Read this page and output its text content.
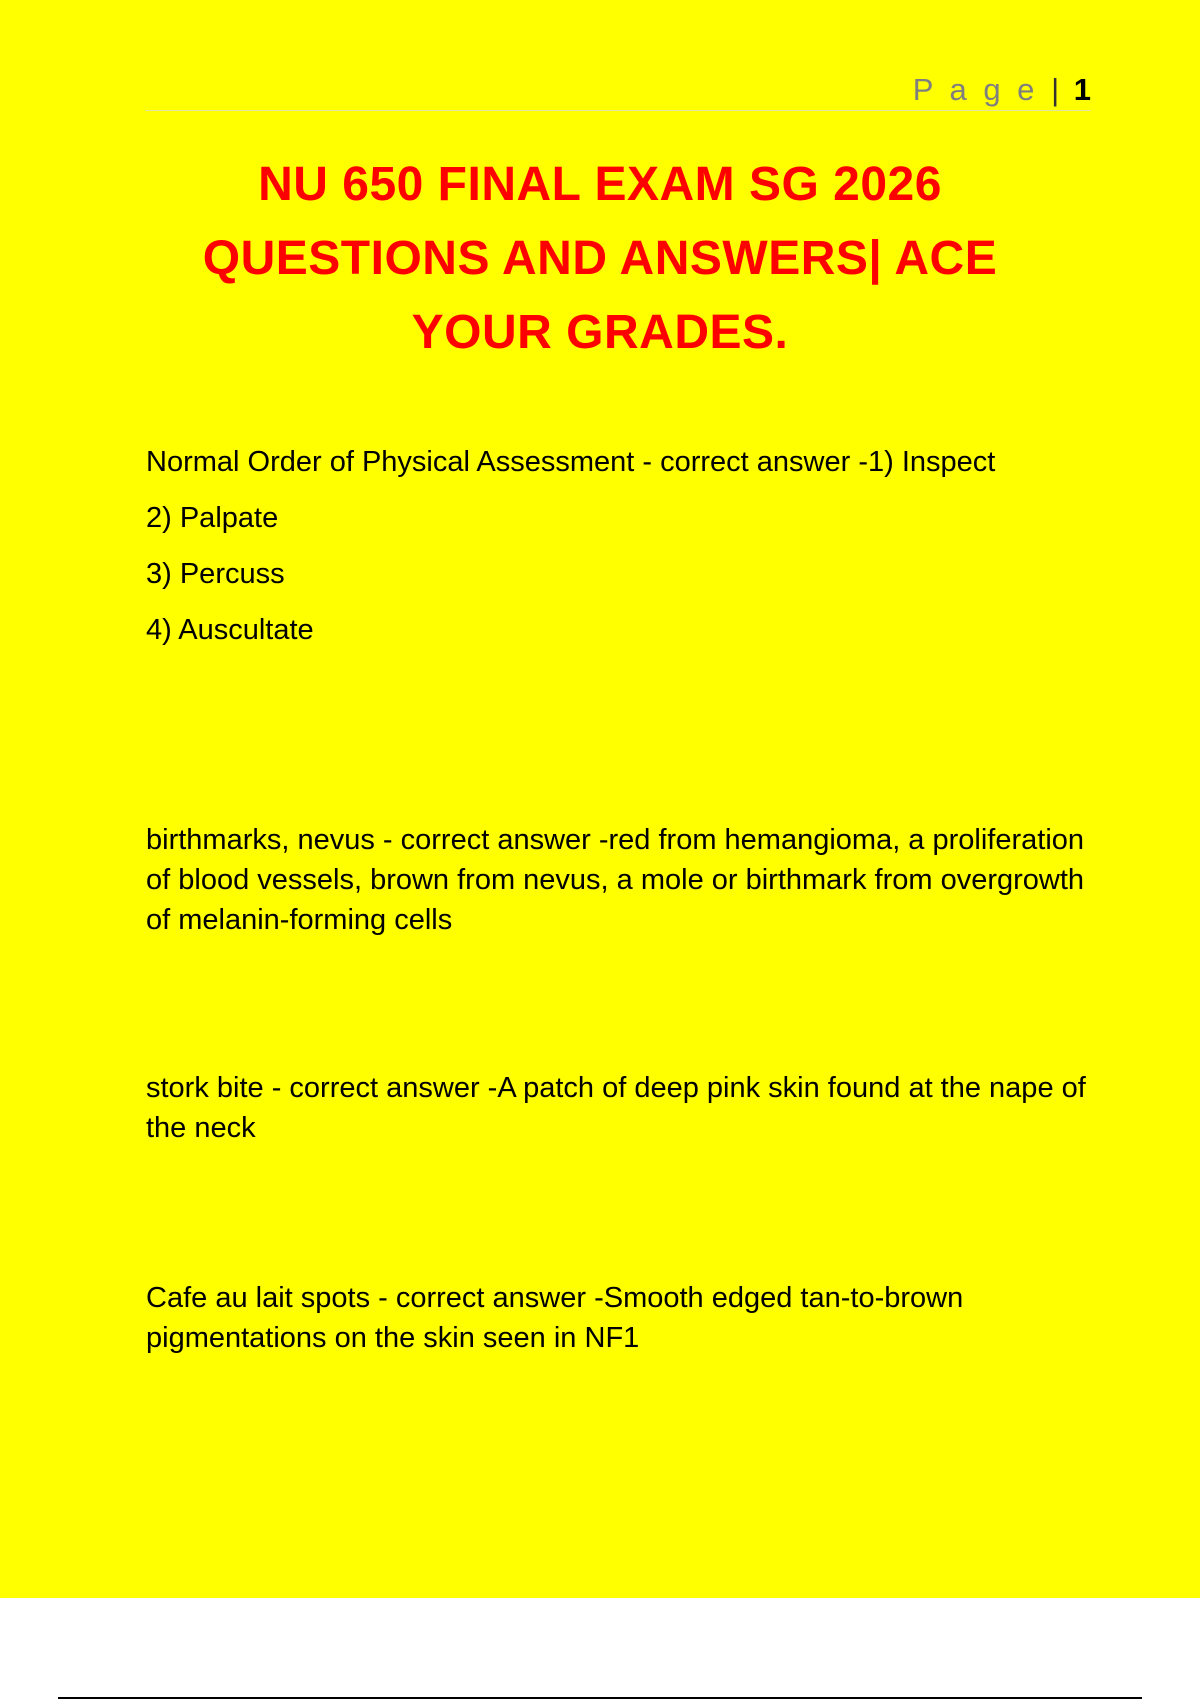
P a g e | 1
NU 650 FINAL EXAM SG 2026
QUESTIONS AND ANSWERS| ACE
YOUR GRADES.

Normal Order of Physical Assessment - correct answer -1) Inspect

2) Palpate

3) Percuss

4) Auscultate

birthmarks, nevus - correct answer -red from hemangioma, a proliferation of blood vessels, brown from nevus, a mole or birthmark from overgrowth of melanin-forming cells

stork bite - correct answer -A patch of deep pink skin found at the nape of the neck

Cafe au lait spots - correct answer -Smooth edged tan-to-brown pigmentations on the skin seen in NF1
